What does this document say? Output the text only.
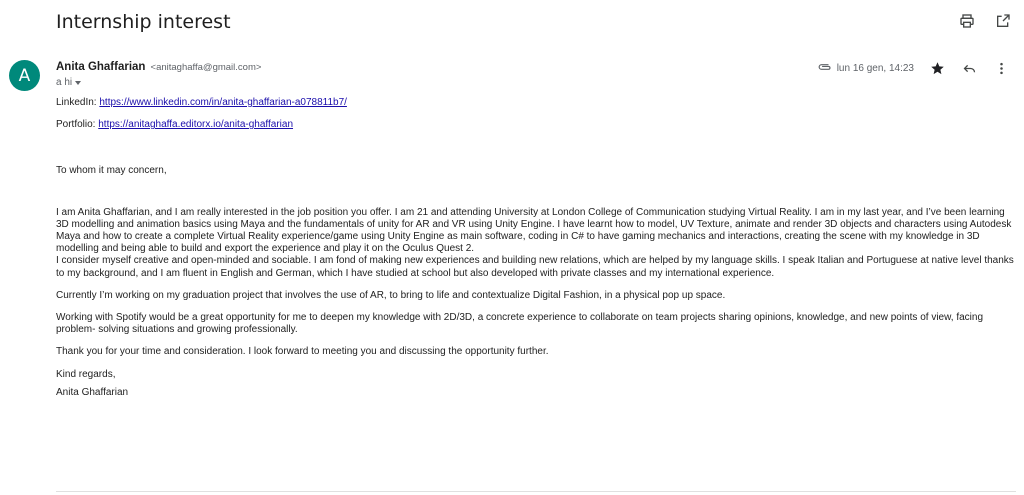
Internship interest
A	Anita Ghaffarian <anitaghaffa@gmail.com>
a hi
lun 16 gen, 14:23

LinkedIn: https://www.linkedin.com/in/anita-ghaffarian-a078811b7/

Portfolio: https://anitaghaffa.editorx.io/anita-ghaffarian

To whom it may concern,

I am Anita Ghaffarian, and I am really interested in the job position you offer. I am 21 and attending University at London College of Communication studying Virtual Reality. I am in my last year, and I’ve been learning 3D modelling and animation basics using Maya and the fundamentals of unity for AR and VR using Unity Engine. I have learnt how to model, UV Texture, animate and render 3D objects and characters using Autodesk Maya and how to create a complete Virtual Reality experience/game using Unity Engine as main software, coding in C# to have gaming mechanics and interactions, creating the scene with my knowledge in 3D modelling and being able to build and export the experience and play it on the Oculus Quest 2.

I consider myself creative and open-minded and sociable. I am fond of making new experiences and building new relations, which are helped by my language skills. I speak Italian and Portuguese at native level thanks to my background, and I am fluent in English and German, which I have studied at school but also developed with private classes and my international experience.

Currently I’m working on my graduation project that involves the use of AR, to bring to life and contextualize Digital Fashion, in a physical pop up space.

Working with Spotify would be a great opportunity for me to deepen my knowledge with 2D/3D, a concrete experience to collaborate on team projects sharing opinions, knowledge, and new points of view, facing problem- solving situations and growing professionally.

Thank you for your time and consideration. I look forward to meeting you and discussing the opportunity further.

Kind regards,

Anita Ghaffarian
